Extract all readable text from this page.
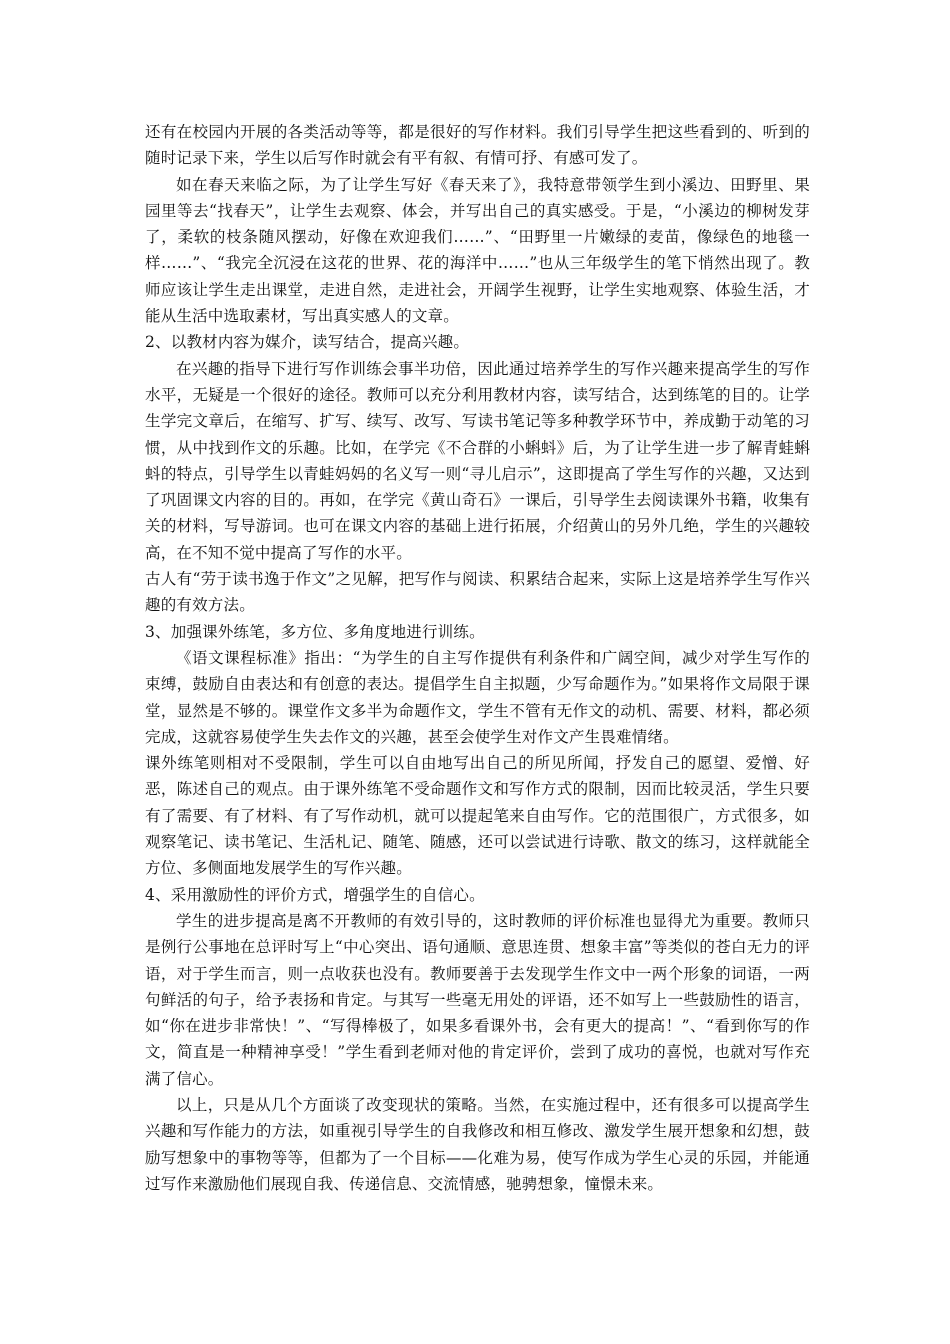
还有在校园内开展的各类活动等等，都是很好的写作材料。我们引导学生把这些看到的、听到的随时记录下来，学生以后写作时就会有平有叙、有情可抒、有感可发了。

如在春天来临之际，为了让学生写好《春天来了》，我特意带领学生到小溪边、田野里、果园里等去“找春天”，让学生去观察、体会，并写出自己的真实感受。于是，“小溪边的柳树发芽了，柔软的枝条随风摆动，好像在欢迎我们……”、“田野里一片嫩绿的麦苗，像绿色的地毯一样……”、“我完全沉浸在这花的世界、花的海洋中……”也从三年级学生的笔下悄然出现了。教师应该让学生走出课堂，走进自然，走进社会，开阔学生视野，让学生实地观察、体验生活，才能从生活中选取素材，写出真实感人的文章。

2、以教材内容为媒介，读写结合，提高兴趣。

在兴趣的指导下进行写作训练会事半功倍，因此通过培养学生的写作兴趣来提高学生的写作水平，无疑是一个很好的途径。教师可以充分利用教材内容，读写结合，达到练笔的目的。让学生学完文章后，在缩写、扩写、续写、改写、写读书笔记等多种教学环节中，养成勤于动笔的习惯，从中找到作文的乐趣。比如，在学完《不合群的小蝌蚪》后，为了让学生进一步了解青蛙蝌蚪的特点，引导学生以青蛙妈妈的名义写一则“寻儿启示”，这即提高了学生写作的兴趣，又达到了巩固课文内容的目的。再如，在学完《黄山奇石》一课后，引导学生去阅读课外书籍，收集有关的材料，写导游词。也可在课文内容的基础上进行拓展，介绍黄山的另外几绝，学生的兴趣较高，在不知不觉中提高了写作的水平。

古人有“劳于读书逸于作文”之见解，把写作与阅读、积累结合起来，实际上这是培养学生写作兴趣的有效方法。

3、加强课外练笔，多方位、多角度地进行训练。

《语文课程标准》指出：“为学生的自主写作提供有利条件和广阔空间，减少对学生写作的束缚，鼓励自由表达和有创意的表达。提倡学生自主拟题，少写命题作为。”如果将作文局限于课堂，显然是不够的。课堂作文多半为命题作文，学生不管有无作文的动机、需要、材料，都必须完成，这就容易使学生失去作文的兴趣，甚至会使学生对作文产生畏难情绪。

课外练笔则相对不受限制，学生可以自由地写出自己的所见所闻，抒发自己的愿望、爱憎、好恶，陈述自己的观点。由于课外练笔不受命题作文和写作方式的限制，因而比较灵活，学生只要有了需要、有了材料、有了写作动机，就可以提起笔来自由写作。它的范围很广，方式很多，如观察笔记、读书笔记、生活札记、随笔、随感，还可以尝试进行诗歌、散文的练习，这样就能全方位、多侧面地发展学生的写作兴趣。

4、采用激励性的评价方式，增强学生的自信心。

学生的进步提高是离不开教师的有效引导的，这时教师的评价标准也显得尤为重要。教师只是例行公事地在总评时写上“中心突出、语句通顺、意思连贯、想象丰富”等类似的苍白无力的评语，对于学生而言，则一点收获也没有。教师要善于去发现学生作文中一两个形象的词语，一两句鲜活的句子，给予表扬和肯定。与其写一些毫无用处的评语，还不如写上一些鼓励性的语言，如“你在进步非常快！”、“写得棒极了，如果多看课外书，会有更大的提高！”、“看到你写的作文，简直是一种精神享受！”学生看到老师对他的肯定评价，尝到了成功的喜悦，也就对写作充满了信心。

以上，只是从几个方面谈了改变现状的策略。当然，在实施过程中，还有很多可以提高学生兴趣和写作能力的方法，如重视引导学生的自我修改和相互修改、激发学生展开想象和幻想，鼓励写想象中的事物等等，但都为了一个目标——化难为易，使写作成为学生心灵的乐园，并能通过写作来激励他们展现自我、传递信息、交流情感，驰骋想象，憧憬未来。
